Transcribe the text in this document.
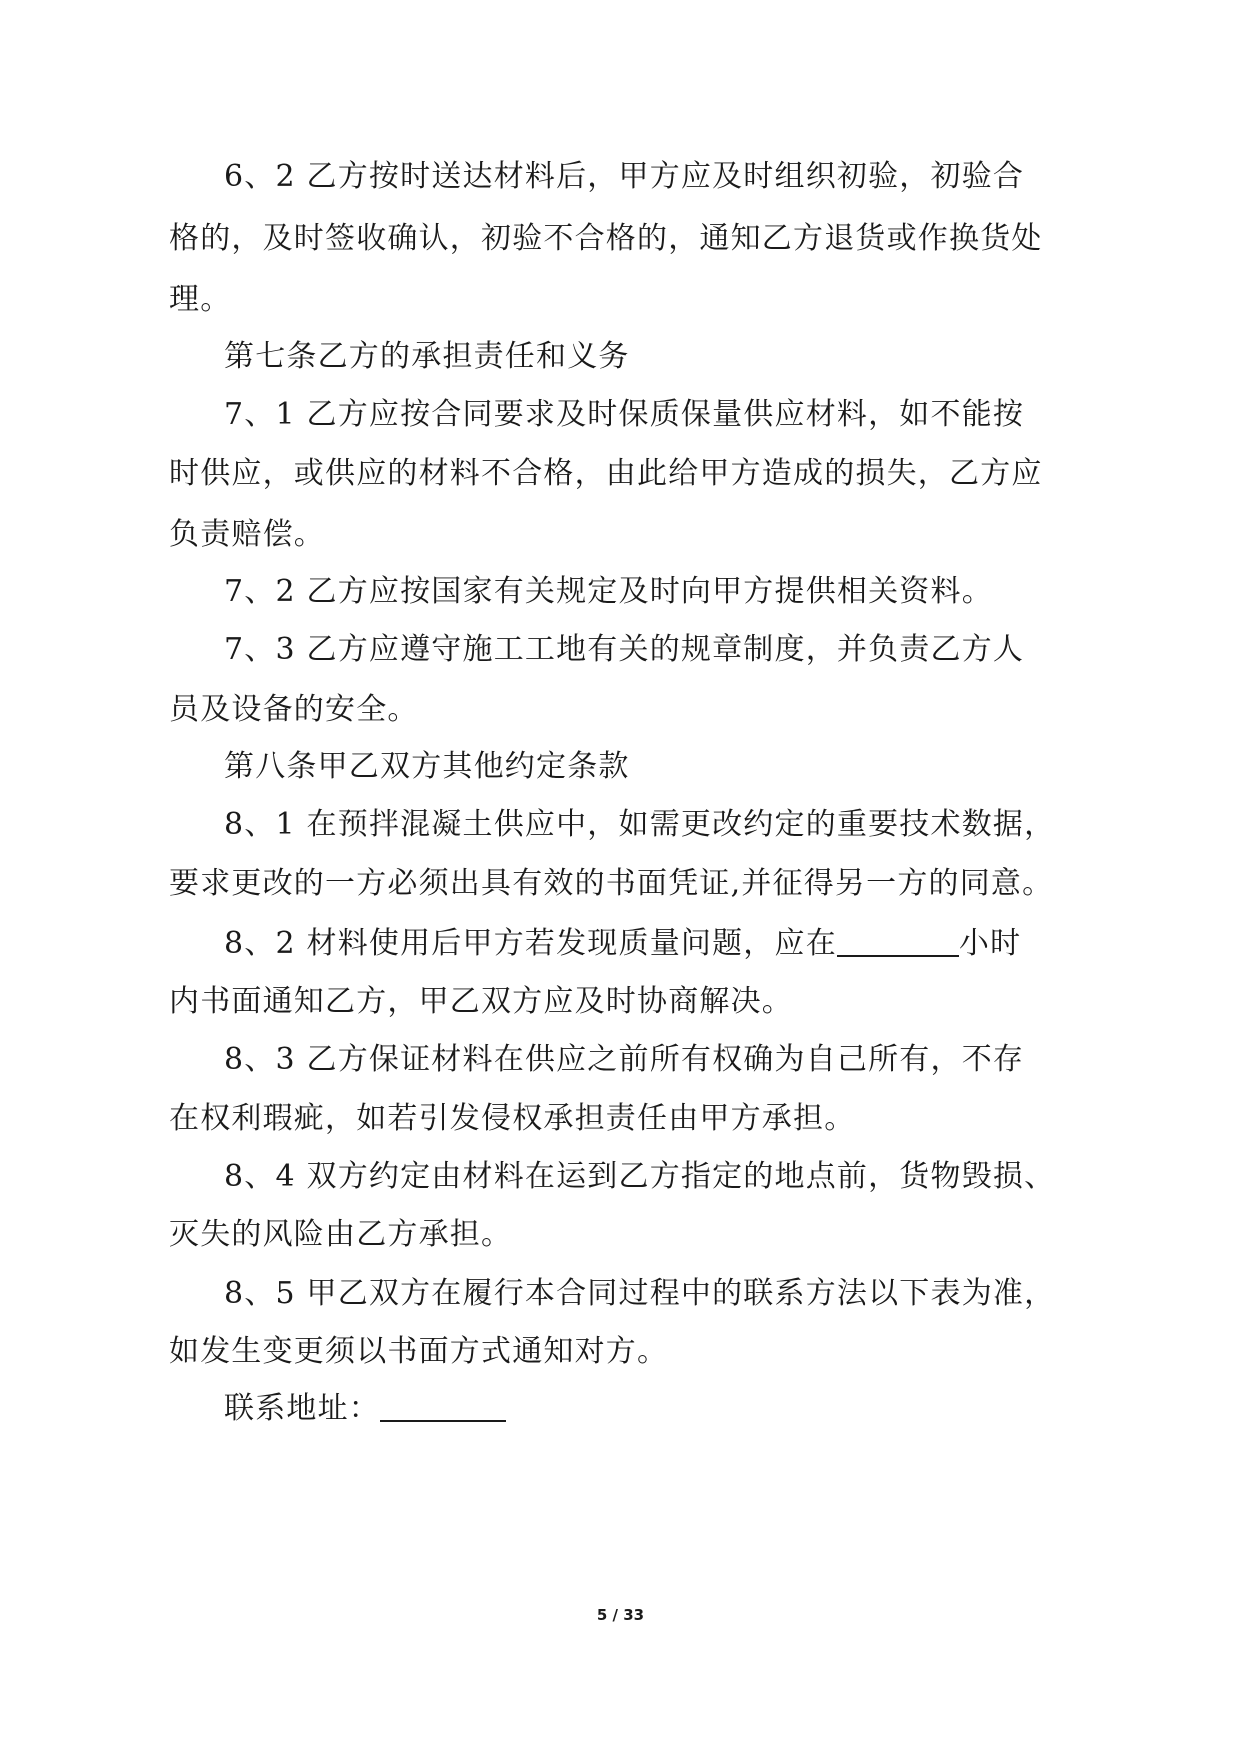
6、2 乙方按时送达材料后，甲方应及时组织初验，初验合
格的，及时签收确认，初验不合格的，通知乙方退货或作换货处
理。
第七条乙方的承担责任和义务
7、1 乙方应按合同要求及时保质保量供应材料，如不能按
时供应，或供应的材料不合格，由此给甲方造成的损失，乙方应
负责赔偿。
7、2 乙方应按国家有关规定及时向甲方提供相关资料。
7、3 乙方应遵守施工工地有关的规章制度，并负责乙方人
员及设备的安全。
第八条甲乙双方其他约定条款
8、1 在预拌混凝土供应中，如需更改约定的重要技术数据，
要求更改的一方必须出具有效的书面凭证,并征得另一方的同意。
8、2 材料使用后甲方若发现质量问题，应在	小时
内书面通知乙方，甲乙双方应及时协商解决。
8、3 乙方保证材料在供应之前所有权确为自己所有，不存
在权利瑕疵，如若引发侵权承担责任由甲方承担。
8、4 双方约定由材料在运到乙方指定的地点前，货物毁损、
灭失的风险由乙方承担。
8、5 甲乙双方在履行本合同过程中的联系方法以下表为准，
如发生变更须以书面方式通知对方。
联系地址：
5 / 33
